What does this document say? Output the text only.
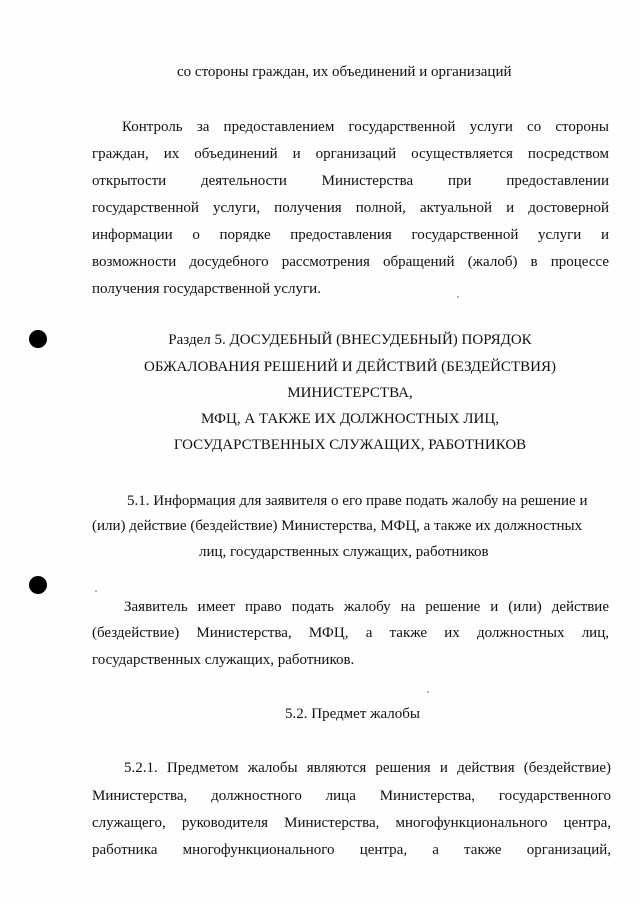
со стороны граждан, их объединений и организаций
Контроль за предоставлением государственной услуги со стороны
граждан, их объединений и организаций осуществляется посредством
открытости деятельности Министерства при предоставлении
государственной услуги, получения полной, актуальной и достоверной
информации о порядке предоставления государственной услуги и
возможности досудебного рассмотрения обращений (жалоб) в процессе
получения государственной услуги.
Раздел 5. ДОСУДЕБНЫЙ (ВНЕСУДЕБНЫЙ) ПОРЯДОК
ОБЖАЛОВАНИЯ РЕШЕНИЙ И ДЕЙСТВИЙ (БЕЗДЕЙСТВИЯ)
МИНИСТЕРСТВА,
МФЦ, А ТАКЖЕ ИХ ДОЛЖНОСТНЫХ ЛИЦ,
ГОСУДАРСТВЕННЫХ СЛУЖАЩИХ, РАБОТНИКОВ
5.1. Информация для заявителя о его праве подать жалобу на решение и
(или) действие (бездействие) Министерства, МФЦ, а также их должностных
лиц, государственных служащих, работников
Заявитель имеет право подать жалобу на решение и (или) действие
(бездействие) Министерства, МФЦ, а также их должностных лиц,
государственных служащих, работников.
5.2. Предмет жалобы
5.2.1. Предметом жалобы являются решения и действия (бездействие)
Министерства, должностного лица Министерства, государственного
служащего, руководителя Министерства, многофункционального центра,
работника многофункционального центра, а также организаций,
